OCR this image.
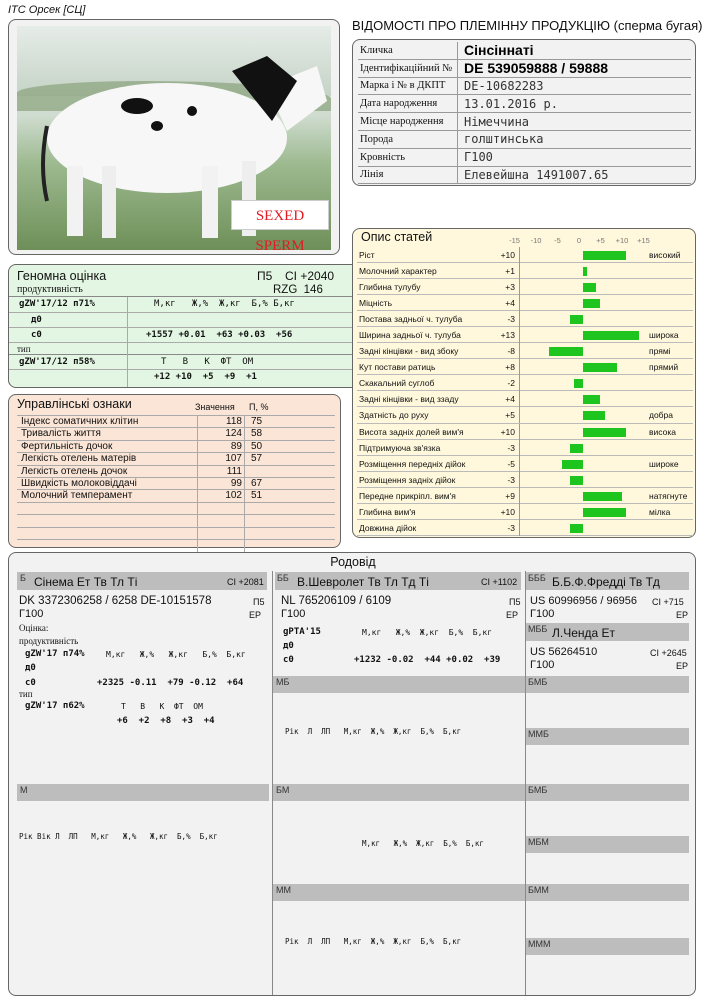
ІТС Орсек [СЦ]
SEXED SPERM
ВІДОМОСТІ ПРО ПЛЕМІННУ ПРОДУКЦІЮ (сперма бугая)
Кличка	Сінсіннаті
Ідентифікаційний № DE 539059888 / 59888
Марка і № в ДКПТ	DE-10682283
Дата народження	13.01.2016 р.
Місце народження	Німеччина
Порода	голштинська
Кровність	Г100
Лінія	Елевейшна 1491007.65
Геномна оцінка	П5 CI +2040
продуктивність	RZG  146
gZW'17/12 п71%	М,кг   Ж,%  Ж,кг  Б,% Б,кг
д0
с0	+1557 +0.01  +63 +0.03  +56
тип
gZW'17/12 п58%	Т   В   К  ФТ  ОМ
+12 +10  +5  +9  +1
Управлінські ознаки	Значення П, %
Індекс соматичних клітин	118 75
Тривалість життя	124 58
Фертильність дочок	89 50
Легкість отелень матерів	107 57
Легкість отелень дочок	111
Швидкість молоковіддачі	99 67
Молочний темперамент	102 51
Опис статей	-15 -10 -5 0 +5 +10 +15
Ріст	+10	високий
Молочний характер	+1
Глибина тулубу	+3
Міцність	+4
Постава задньої ч. тулуба	-3
Ширина задньої ч. тулуба	+13	широка
Задні кінцівки - вид збоку	-8	прямі
Кут постави ратиць	+8	прямий
Скакальний суглоб	-2
Задні кінцівки - вид ззаду	+4
Здатність до руху	+5	добра
Висота задніх долей вим'я	+10	висока
Підтримуюча зв'язка	-3
Розміщення передніх дійок	-5	широке
Розміщення задніх дійок	-3
Передне прикріпл. вим'я	+9	натягнуте
Глибина вим'я	+10	мілка
Довжина дійок	-3
Родовід
Б Сінема Ет Тв Тл Ті	CI +2081
DK 3372306258 / 6258 DE-10151578	П5
Г100	ЕР
Оцінка:
продуктивність
gZW'17 п74%	М,кг   Ж,%   Ж,кг   Б,%  Б,кг
д0
с0	+2325 -0.11  +79 -0.12  +64
тип
gZW'17 п62%	Т   В   К  ФТ  ОМ
+6  +2  +8  +3  +4
М
Рік Вік Л  ЛП   М,кг   Ж,%   Ж,кг  Б,%  Б,кг
ББ В.Шевролет Тв Тл Тд Ті	CI +1102
NL 765206109 / 6109	П5
Г100	ЕР
gPTA'15	М,кг   Ж,%  Ж,кг  Б,%  Б,кг
д0
с0	+1232 -0.02  +44 +0.02  +39
МБ
Рік  Л  ЛП   М,кг  Ж,%  Ж,кг  Б,%  Б,кг
БМ
М,кг   Ж,%  Ж,кг  Б,%  Б,кг
ММ
Рік  Л  ЛП   М,кг  Ж,%  Ж,кг  Б,%  Б,кг
БББ Б.Б.Ф.Фредді Тв Тд
US 60996956 / 96956 CI +715
Г100	ЕР
МББ Л.Ченда Ет
US 56264510	CI +2645
Г100	ЕР
БМБ
ММБ
БМБ
МБМ
БММ
МММ
